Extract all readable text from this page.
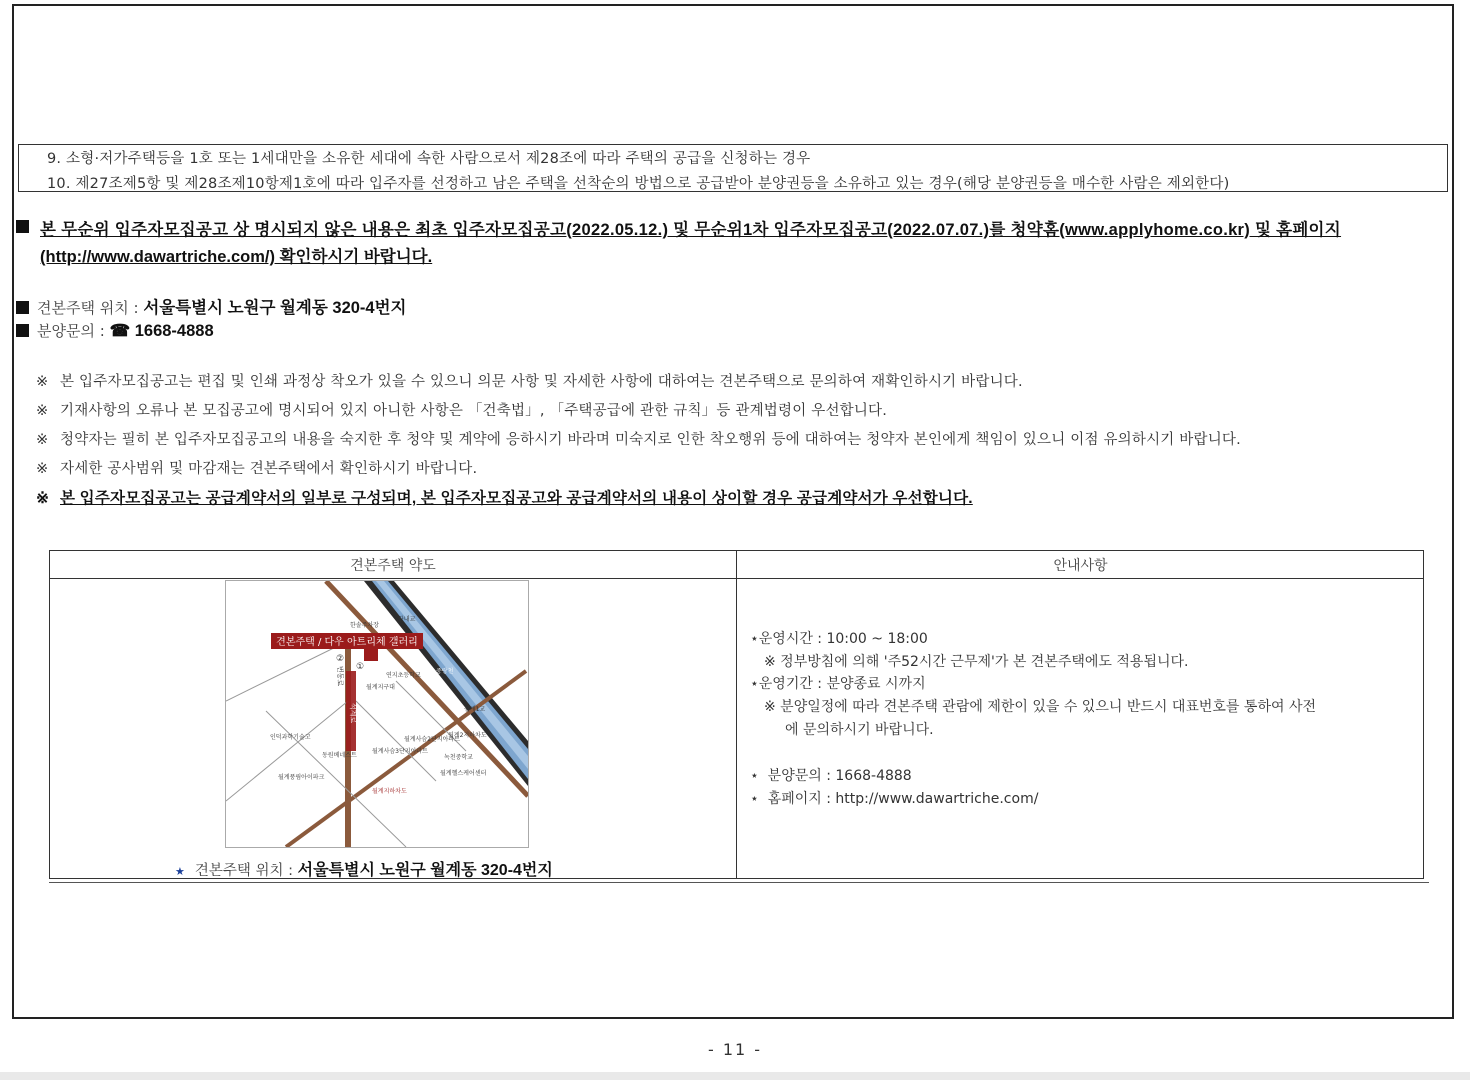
9. 소형·저가주택등을 1호 또는 1세대만을 소유한 세대에 속한 사람으로서 제28조에 따라 주택의 공급을 신청하는 경우
10. 제27조제5항 및 제28조제10항제1호에 따라 입주자를 선정하고 남은 주택을 선착순의 방법으로 공급받아 분양권등을 소유하고 있는 경우(해당 분양권등을 매수한 사람은 제외한다)
본 무순위 입주자모집공고 상 명시되지 않은 내용은 최초 입주자모집공고(2022.05.12.) 및 무순위1차 입주자모집공고(2022.07.07.)를 청약홈(www.applyhome.co.kr) 및 홈페이지
(http://www.dawartriche.com/) 확인하시기 바랍니다.
견본주택 위치 : 서울특별시 노원구 월계동 320-4번지
분양문의 : ☎ 1668-4888
※ 본 입주자모집공고는 편집 및 인쇄 과정상 착오가 있을 수 있으니 의문 사항 및 자세한 사항에 대하여는 견본주택으로 문의하여 재확인하시기 바랍니다.
※ 기재사항의 오류나 본 모집공고에 명시되어 있지 아니한 사항은 「건축법」, 「주택공급에 관한 규칙」등 관계법령이 우선합니다.
※ 청약자는 필히 본 입주자모집공고의 내용을 숙지한 후 청약 및 계약에 응하시기 바라며 미숙지로 인한 착오행위 등에 대하여는 청약자 본인에게 책임이 있으니 이점 유의하시기 바랍니다.
※ 자세한 공사범위 및 마감재는 견본주택에서 확인하시기 바랍니다.
※ 본 입주자모집공고는 공급계약서의 일부로 구성되며, 본 입주자모집공고와 공급계약서의 내용이 상이할 경우 공급계약서가 우선합니다.
견본주택 약도	안내사항
견본주택 / 다우 아트리체 갤러리
석계로
번동로
한솔주차장
한내교
동부간선도로
중랑천
월계1교
연지초등학교
월계지구대
인덕과학기술고
동원베네스트
월계사슴3단지아파트
월계사슴2단지아파트
월계풍림아이파크
월계2지하차도
녹천중학교
월계헬스케어센터
월계지하차도
①
②
★ 견본주택 위치 : 서울특별시 노원구 월계동 320-4번지
⋆운영시간 : 10:00 ~ 18:00
※ 정부방침에 의해 '주52시간 근무제'가 본 견본주택에도 적용됩니다.
⋆운영기간 : 분양종료 시까지
※ 분양일정에 따라 견본주택 관람에 제한이 있을 수 있으니 반드시 대표번호를 통하여 사전
에 문의하시기 바랍니다.
⋆  분양문의 : 1668-4888
⋆  홈페이지 : http://www.dawartriche.com/
- 11 -
